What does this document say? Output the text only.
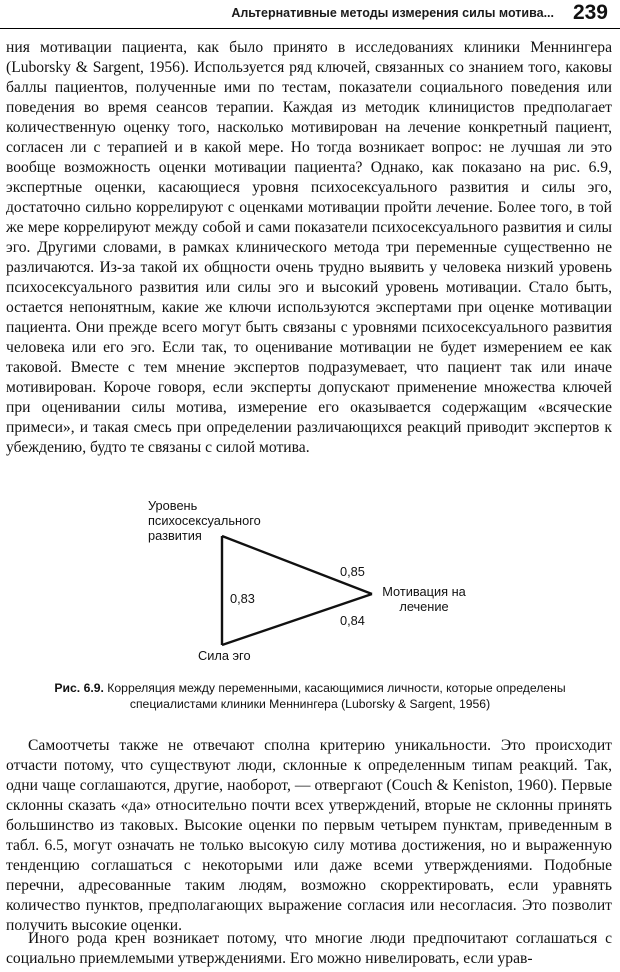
Альтернативные методы измерения силы мотива... 239

ния мотивации пациента, как было принято в исследованиях клиники Меннингера (Luborsky & Sargent, 1956). Используется ряд ключей, связанных со знанием того, каковы баллы пациентов, полученные ими по тестам, показатели социального поведения или поведения во время сеансов терапии. Каждая из методик клиницистов предполагает количественную оценку того, насколько мотивирован на лечение конкретный пациент, согласен ли с терапией и в какой мере. Но тогда возникает вопрос: не лучшая ли это вообще возможность оценки мотивации пациента? Однако, как показано на рис. 6.9, экспертные оценки, касающиеся уровня психосексуального развития и силы эго, достаточно сильно коррелируют с оценками мотивации пройти лечение. Более того, в той же мере коррелируют между собой и сами показатели психосексуального развития и силы эго. Другими словами, в рамках клинического метода три переменные существенно не различаются. Из-за такой их общности очень трудно выявить у человека низкий уровень психосексуального развития или силы эго и высокий уровень мотивации. Стало быть, остается непонятным, какие же ключи используются экспертами при оценке мотивации пациента. Они прежде всего могут быть связаны с уровнями психосексуального развития человека или его эго. Если так, то оценивание мотивации не будет измерением ее как таковой. Вместе с тем мнение экспертов подразумевает, что пациент так или иначе мотивирован. Короче говоря, если эксперты допускают применение множества ключей при оценивании силы мотива, измерение его оказывается содержащим «всяческие примеси», и такая смесь при определении различающихся реакций приводит экспертов к убеждению, будто те связаны с силой мотива.

Уровень психосексуального развития
Сила эго
Мотивация на лечение
0,83
0,85
0,84

Рис. 6.9. Корреляция между переменными, касающимися личности, которые определены специалистами клиники Меннингера (Luborsky & Sargent, 1956)

Самоотчеты также не отвечают сполна критерию уникальности. Это происходит отчасти потому, что существуют люди, склонные к определенным типам реакций. Так, одни чаще соглашаются, другие, наоборот, — отвергают (Couch & Keniston, 1960). Первые склонны сказать «да» относительно почти всех утверждений, вторые не склонны принять большинство из таковых. Высокие оценки по первым четырем пунктам, приведенным в табл. 6.5, могут означать не только высокую силу мотива достижения, но и выраженную тенденцию соглашаться с некоторыми или даже всеми утверждениями. Подобные перечни, адресованные таким людям, возможно скорректировать, если уравнять количество пунктов, предполагающих выражение согласия или несогласия. Это позволит получить высокие оценки.

Иного рода крен возникает потому, что многие люди предпочитают соглашаться с социально приемлемыми утверждениями. Его можно нивелировать, если урав-
